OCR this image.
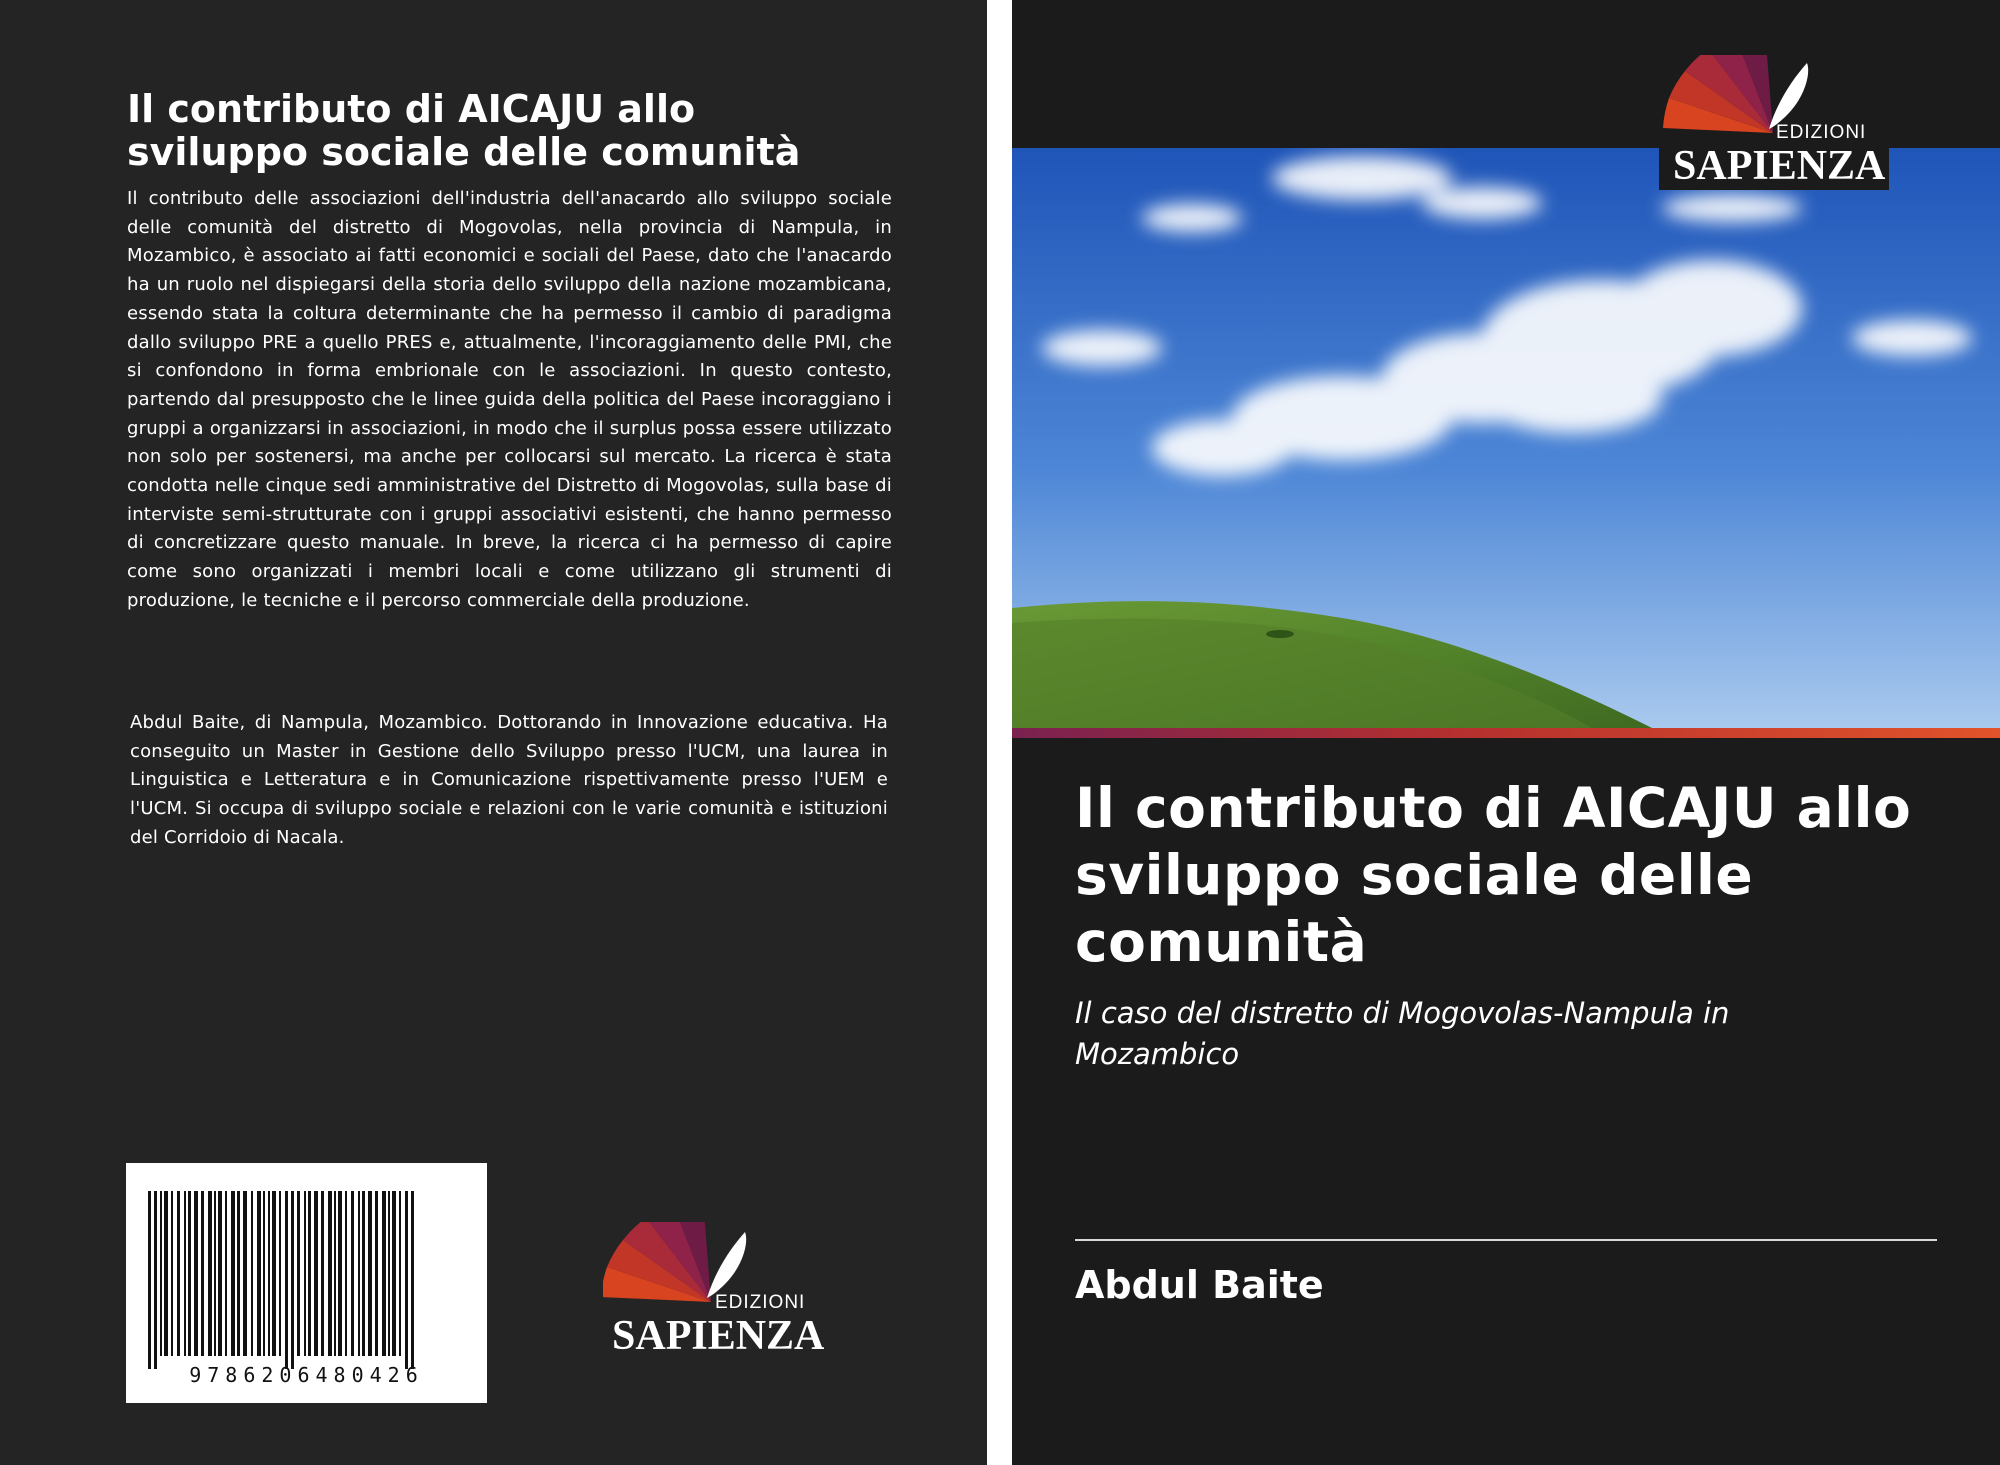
Il contributo di AICAJU allo sviluppo sociale delle comunità

Il contributo delle associazioni dell'industria dell'anacardo allo sviluppo sociale delle comunità del distretto di Mogovolas, nella provincia di Nampula, in Mozambico, è associato ai fatti economici e sociali del Paese, dato che l'anacardo ha un ruolo nel dispiegarsi della storia dello sviluppo della nazione mozambicana, essendo stata la coltura determinante che ha permesso il cambio di paradigma dallo sviluppo PRE a quello PRES e, attualmente, l'incoraggiamento delle PMI, che si confondono in forma embrionale con le associazioni. In questo contesto, partendo dal presupposto che le linee guida della politica del Paese incoraggiano i gruppi a organizzarsi in associazioni, in modo che il surplus possa essere utilizzato non solo per sostenersi, ma anche per collocarsi sul mercato. La ricerca è stata condotta nelle cinque sedi amministrative del Distretto di Mogovolas, sulla base di interviste semi-strutturate con i gruppi associativi esistenti, che hanno permesso di concretizzare questo manuale. In breve, la ricerca ci ha permesso di capire come sono organizzati i membri locali e come utilizzano gli strumenti di produzione, le tecniche e il percorso commerciale della produzione.

Abdul Baite, di Nampula, Mozambico. Dottorando in Innovazione educativa. Ha conseguito un Master in Gestione dello Sviluppo presso l'UCM, una laurea in Linguistica e Letteratura e in Comunicazione rispettivamente presso l'UEM e l'UCM. Si occupa di sviluppo sociale e relazioni con le varie comunità e istituzioni del Corridoio di Nacala.

9786206480426
EDIZIONI
SAPIENZA
EDIZIONI
SAPIENZA
Il contributo di AICAJU allo sviluppo sociale delle comunità

Il caso del distretto di Mogovolas-Nampula in Mozambico

Abdul Baite
